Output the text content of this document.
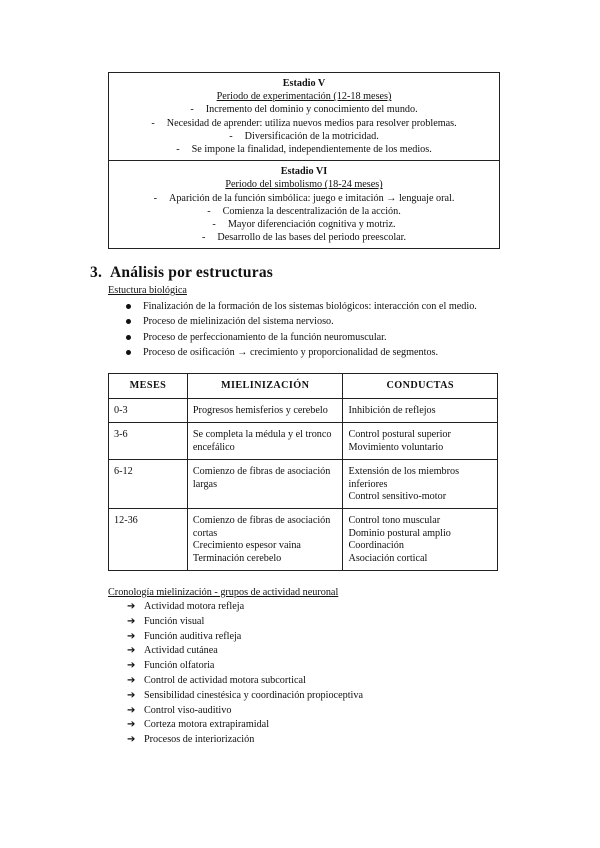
Estadio V
Periodo de experimentación (12-18 meses)
- Incremento del dominio y conocimiento del mundo.
- Necesidad de aprender: utiliza nuevos medios para resolver problemas.
- Diversificación de la motricidad.
- Se impone la finalidad, independientemente de los medios.
Estadio VI
Periodo del simbolismo (18-24 meses)
- Aparición de la función simbólica: juego e imitación → lenguaje oral.
- Comienza la descentralización de la acción.
- Mayor diferenciación cognitiva y motriz.
- Desarrollo de las bases del periodo preescolar.
3. Análisis por estructuras
Estuctura biológica
Finalización de la formación de los sistemas biológicos: interacción con el medio.
Proceso de mielinización del sistema nervioso.
Proceso de perfeccionamiento de la función neuromuscular.
Proceso de osificación → crecimiento y proporcionalidad de segmentos.
MESES	MIELINIZACIÓN	CONDUCTAS
0-3	Progresos hemisferios y cerebelo	Inhibición de reflejos

3-6	Se completa la médula y el tronco
encefálico	Control postural superior
Movimiento voluntario

6-12	Comienzo de fibras de asociación
largas	Extensión de los miembros
inferiores
Control sensitivo-motor

12-36	Comienzo de fibras de asociación
cortas
Crecimiento espesor vaina
Terminación cerebelo	Control tono muscular
Dominio postural amplio
Coordinación
Asociación cortical
Cronología mielinización - grupos de actividad neuronal
➔ Actividad motora refleja
➔ Función visual
➔ Función auditiva refleja
➔ Actividad cutánea
➔ Función olfatoria
➔ Control de actividad motora subcortical
➔ Sensibilidad cinestésica y coordinación propioceptiva
➔ Control viso-auditivo
➔ Corteza motora extrapiramidal
➔ Procesos de interiorización
